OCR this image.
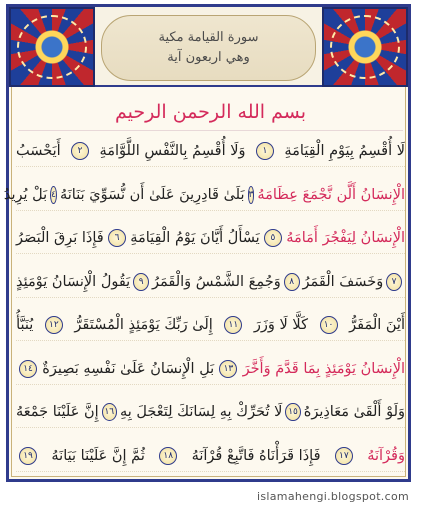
سورة القيامة مكية
وهي اربعون آية
بسم الله الرحمن الرحيم
لَا أُقْسِمُ بِيَوْمِ الْقِيَامَةِ
١
وَلَا أُقْسِمُ بِالنَّفْسِ اللَّوَّامَةِ
٢
أَيَحْسَبُ
الْإِنسَانُ أَلَّن نَّجْمَعَ عِظَامَهُ
٣
بَلَىٰ قَادِرِينَ عَلَىٰ أَن نُّسَوِّيَ بَنَانَهُ
٤
بَلْ يُرِيدُ
الْإِنسَانُ لِيَفْجُرَ أَمَامَهُ
٥
يَسْأَلُ أَيَّانَ يَوْمُ الْقِيَامَةِ
٦
فَإِذَا بَرِقَ الْبَصَرُ
٧
وَخَسَفَ الْقَمَرُ
٨
وَجُمِعَ الشَّمْسُ وَالْقَمَرُ
٩
يَقُولُ الْإِنسَانُ يَوْمَئِذٍ
أَيْنَ الْمَفَرُّ
١٠
كَلَّا لَا وَزَرَ
١١
إِلَىٰ رَبِّكَ يَوْمَئِذٍ الْمُسْتَقَرُّ
١٢
يُنَبَّأُ
الْإِنسَانُ يَوْمَئِذٍ بِمَا قَدَّمَ وَأَخَّرَ
١٣
بَلِ الْإِنسَانُ عَلَىٰ نَفْسِهِ بَصِيرَةٌ
١٤
وَلَوْ أَلْقَىٰ مَعَاذِيرَهُ
١٥
لَا تُحَرِّكْ بِهِ لِسَانَكَ لِتَعْجَلَ بِهِ
١٦
إِنَّ عَلَيْنَا جَمْعَهُ
وَقُرْآنَهُ
١٧
فَإِذَا قَرَأْنَاهُ فَاتَّبِعْ قُرْآنَهُ
١٨
ثُمَّ إِنَّ عَلَيْنَا بَيَانَهُ
١٩
islamahengi.blogspot.com
